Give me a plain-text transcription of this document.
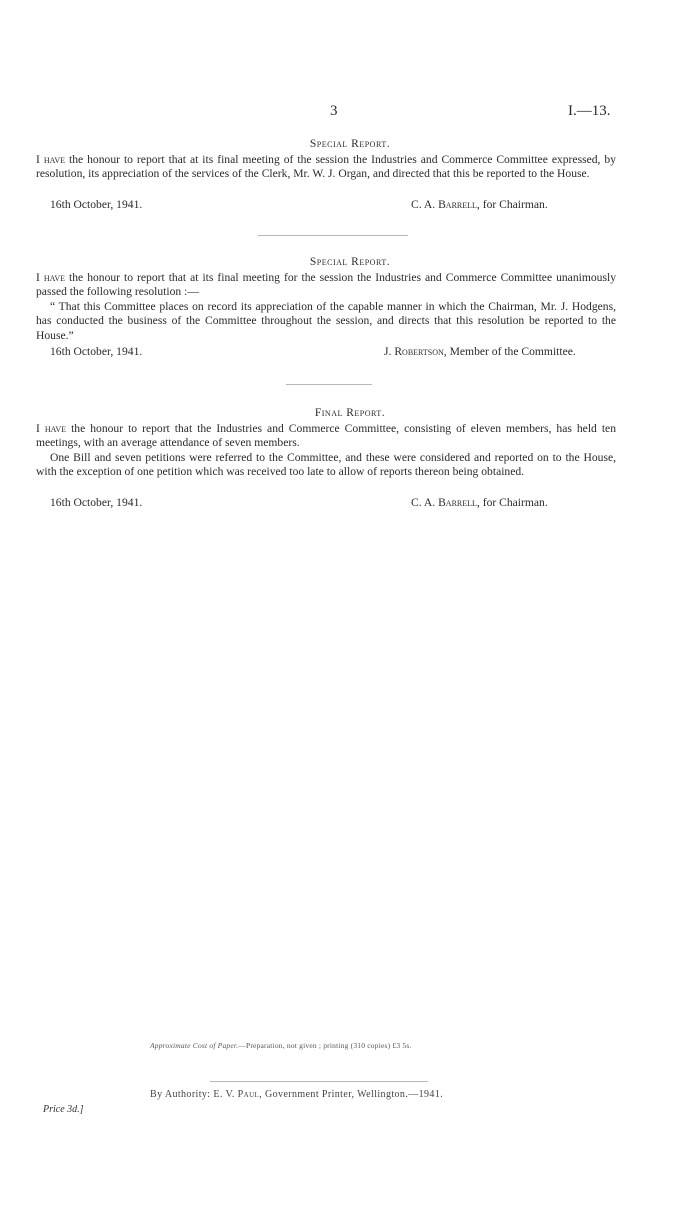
3	I.—13.
Special Report.

I have the honour to report that at its final meeting of the session the Industries and Commerce Committee expressed, by resolution, its appreciation of the services of the Clerk, Mr. W. J. Organ, and directed that this be reported to the House.

16th October, 1941.	C. A. Barrell, for Chairman.
Special Report.

I have the honour to report that at its final meeting for the session the Industries and Commerce Committee unanimously passed the following resolution :—

“ That this Committee places on record its appreciation of the capable manner in which the Chairman, Mr. J. Hodgens, has conducted the business of the Committee throughout the session, and directs that this resolution be reported to the House.”

16th October, 1941.	J. Robertson, Member of the Committee.
Final Report.

I have the honour to report that the Industries and Commerce Committee, consisting of eleven members, has held ten meetings, with an average attendance of seven members.

One Bill and seven petitions were referred to the Committee, and these were considered and reported on to the House, with the exception of one petition which was received too late to allow of reports thereon being obtained.

16th October, 1941.	C. A. Barrell, for Chairman.
Approximate Cost of Paper.—Preparation, not given ; printing (310 copies) £3 5s.
By Authority: E. V. Paul, Government Printer, Wellington.—1941.
Price 3d.]
